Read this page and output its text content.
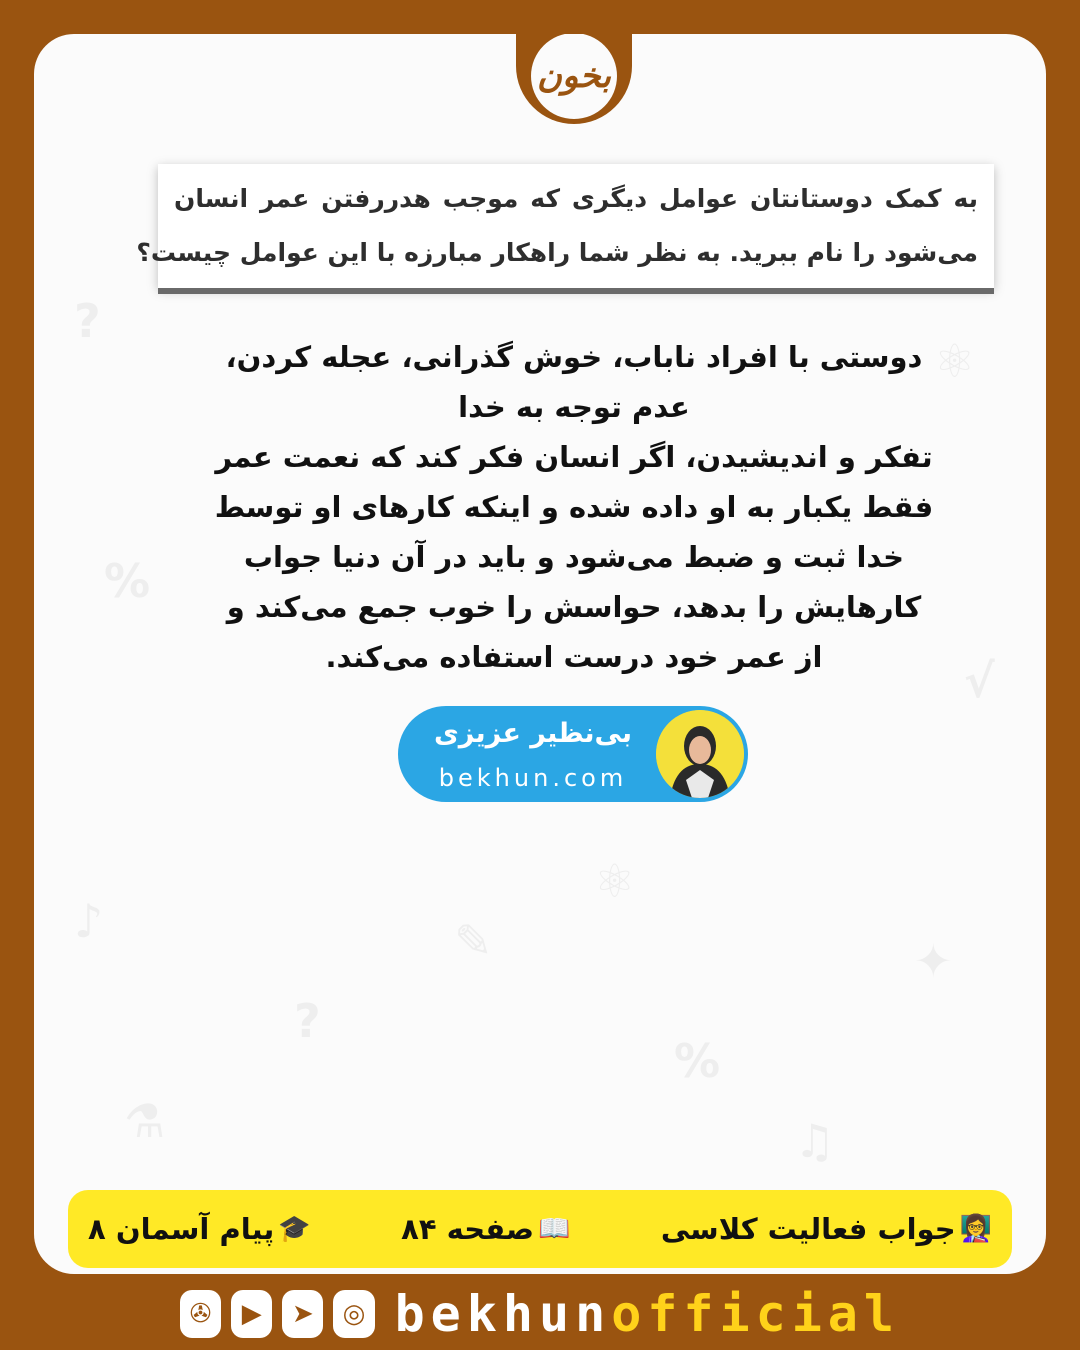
?
%
♪
⚗
⚛
√
✦
✎
%
?
⚛
♫
بخون
به کمک دوستانتان عوامل دیگری که موجب هدررفتن عمر انسان
می‌شود را نام ببرید. به نظر شما راهکار مبارزه با این عوامل چیست؟
دوستی با افراد ناباب، خوش گذرانی، عجله کردن،
عدم توجه به خدا
تفکر و اندیشیدن، اگر انسان فکر کند که نعمت عمر
فقط یکبار به او داده شده و اینکه کارهای او توسط
خدا ثبت و ضبط می‌شود و باید در آن دنیا جواب
کارهایش را بدهد، حواسش را خوب جمع می‌کند و
از عمر خود درست استفاده می‌کند.
بی‌نظیر عزیزی
bekhun.com
👩‍🏫
جواب فعالیت کلاسی
📖
صفحه ۸۴
🎓
پیام آسمان ۸
✇	▶	➤	◎ bekhunofficial
